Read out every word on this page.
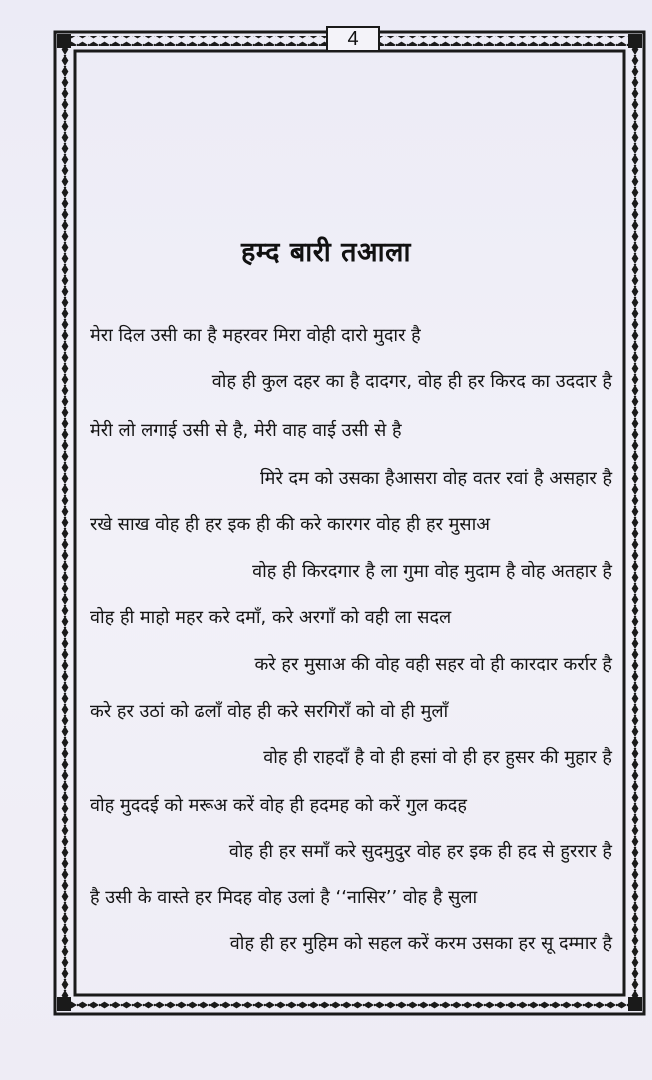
4
हम्द बारी तआला
मेरा दिल उसी का है महरवर मिरा वोही दारो मुदार है
वोह ही कुल दहर का है दादगर, वोह ही हर किरद का उददार है
मेरी लो लगाई उसी से है, मेरी वाह वाई उसी से है
मिरे दम को उसका हैआसरा वोह वतर रवां है असहार है
रखे साख वोह ही हर इक ही की करे कारगर वोह ही हर मुसाअ
वोह ही किरदगार है ला गुमा वोह मुदाम है वोह अतहार है
वोह ही माहो महर करे दमाँ, करे अरगाँ को वही ला सदल
करे हर मुसाअ की वोह वही सहर वो ही कारदार कर्रार है
करे हर उठां को ढलाँ वोह ही करे सरगिराँ को वो ही मुलाँ
वोह ही राहदाँ है वो ही हसां वो ही हर हुसर की मुहार है
वोह मुददई को मरूअ करें वोह ही हदमह को करें गुल कदह
वोह ही हर समाँ करे सुदमुदुर वोह हर इक ही हद से हुररार है
है उसी के वास्ते हर मिदह वोह उलां है ‘‘नासिर’’ वोह है सुला
वोह ही हर मुहिम को सहल करें करम उसका हर सू दम्मार है
